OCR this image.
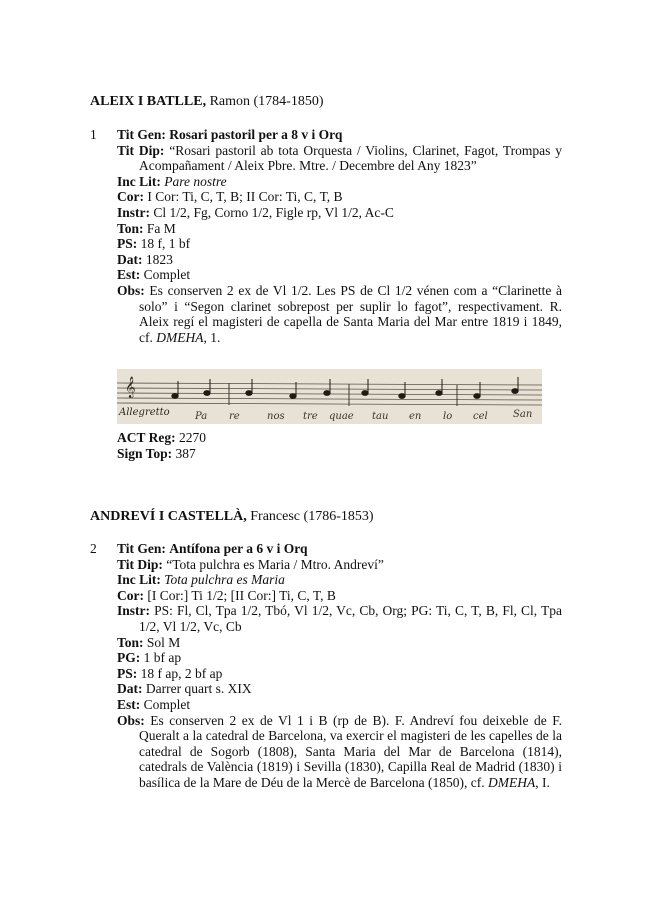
ALEIX I BATLLE, Ramon (1784-1850)
1	Tit Gen: Rosari pastoril per a 8 v i Orq

Tit Dip: “Rosari pastoril ab tota Orquesta / Violins, Clarinet, Fagot, Trompas y Acompañament / Aleix Pbre. Mtre. / Decembre del Any 1823”

Inc Lit: Pare nostre

Cor: I Cor: Ti, C, T, B; II Cor: Ti, C, T, B

Instr: Cl 1/2, Fg, Corno 1/2, Figle rp, Vl 1/2, Ac-C

Ton: Fa M

PS: 18 f, 1 bf

Dat: 1823

Est: Complet

Obs: Es conserven 2 ex de Vl 1/2. Les PS de Cl 1/2 vénen com a “Clarinette à solo” i “Segon clarinet sobrepost per suplir lo fagot”, respectivament. R. Aleix regí el magisteri de capella de Santa Maria del Mar entre 1819 i 1849, cf. DMEHA, 1.

𝄞
Allegretto	Pa re	nos tre quae tau en lo cel	San

ACT Reg: 2270

Sign Top: 387

ANDREVÍ I CASTELLÀ, Francesc (1786-1853)
2	Tit Gen: Antífona per a 6 v i Orq

Tit Dip: “Tota pulchra es Maria / Mtro. Andreví”

Inc Lit: Tota pulchra es Maria

Cor: [I Cor:] Ti 1/2; [II Cor:] Ti, C, T, B

Instr: PS: Fl, Cl, Tpa 1/2, Tbó, Vl 1/2, Vc, Cb, Org; PG: Ti, C, T, B, Fl, Cl, Tpa 1/2, Vl 1/2, Vc, Cb

Ton: Sol M

PG: 1 bf ap

PS: 18 f ap, 2 bf ap

Dat: Darrer quart s. XIX

Est: Complet

Obs: Es conserven 2 ex de Vl 1 i B (rp de B). F. Andreví fou deixeble de F. Queralt a la catedral de Barcelona, va exercir el magisteri de les capelles de la catedral de Sogorb (1808), Santa Maria del Mar de Barcelona (1814), catedrals de València (1819) i Sevilla (1830), Capilla Real de Madrid (1830) i basílica de la Mare de Déu de la Mercè de Barcelona (1850), cf. DMEHA, I.
